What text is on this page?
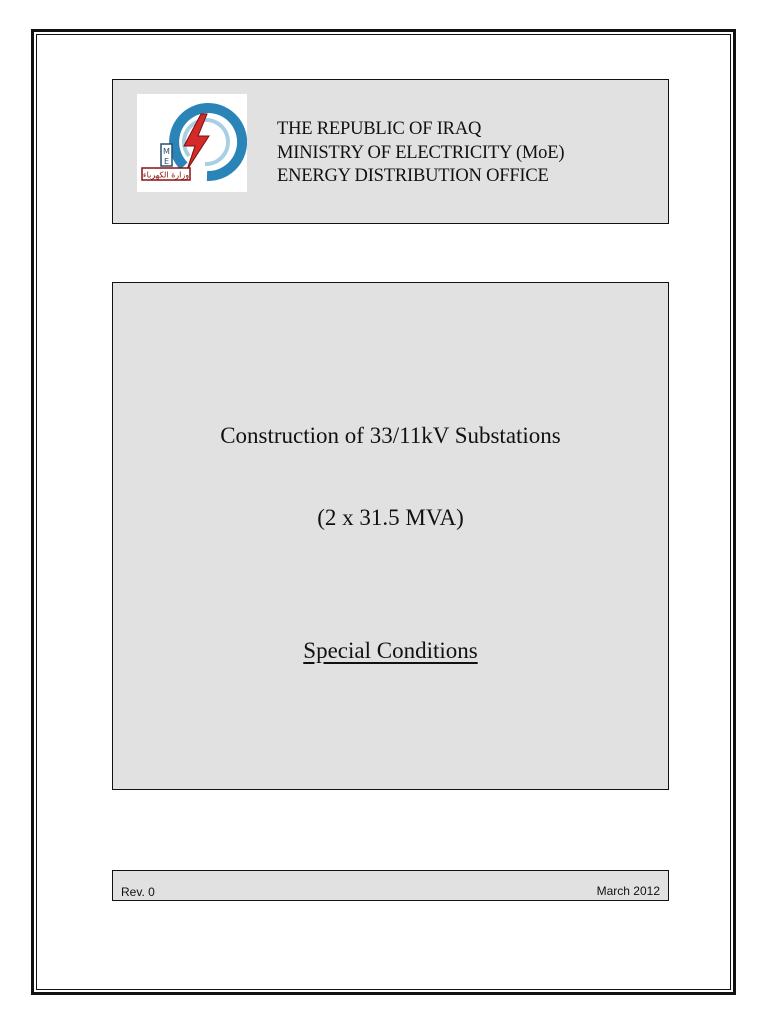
M
E
وزارة الكهرباء
THE REPUBLIC OF IRAQ
MINISTRY OF ELECTRICITY (MoE)
ENERGY DISTRIBUTION OFFICE
Construction of 33/11kV Substations
(2 x 31.5 MVA)
Special Conditions
Rev. 0	March 2012
